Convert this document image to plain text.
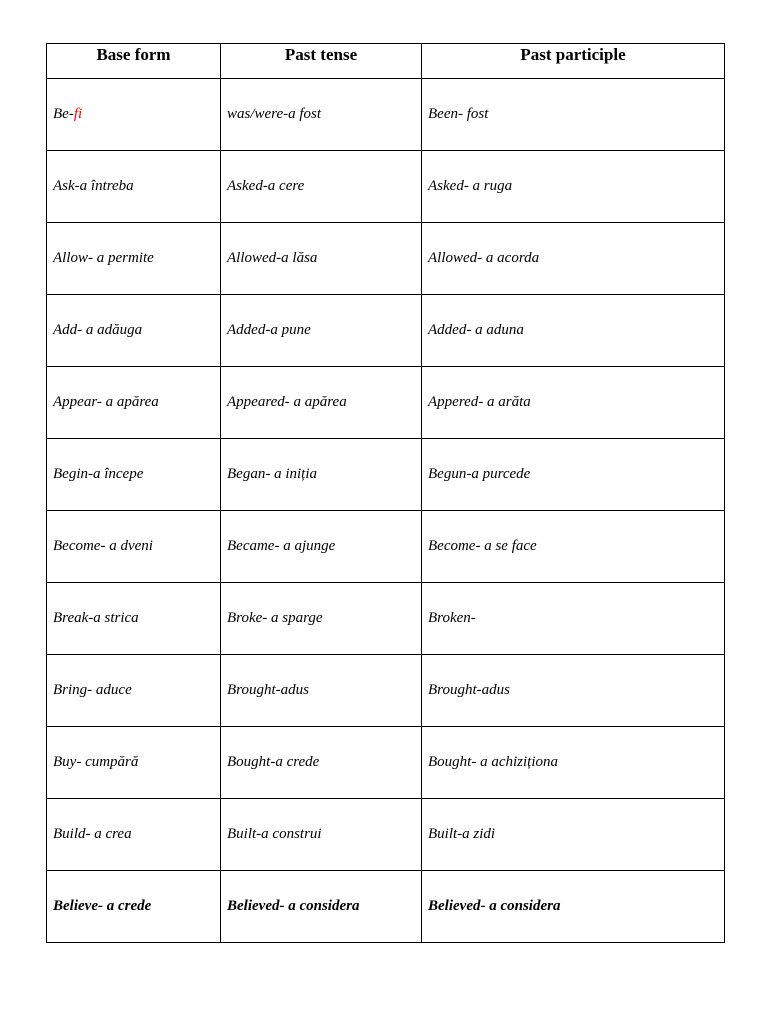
Base form	Past tense	Past participle
Be-fi	was/were-a fost	Been- fost
Ask-a întreba	Asked-a cere	Asked- a ruga
Allow- a permite	Allowed-a lăsa	Allowed- a acorda
Add- a adăuga	Added-a pune	Added- a aduna
Appear- a apărea	Appeared- a apărea	Appered- a arăta
Begin-a începe	Began- a iniția	Begun-a purcede
Become- a dveni	Became- a ajunge	Become- a se face
Break-a strica	Broke- a sparge	Broken-
Bring- aduce	Brought-adus	Brought-adus
Buy- cumpără	Bought-a crede	Bought- a achiziționa
Build- a crea	Built-a construi	Built-a zidi
Believe- a crede	Believed- a considera	Believed- a considera
